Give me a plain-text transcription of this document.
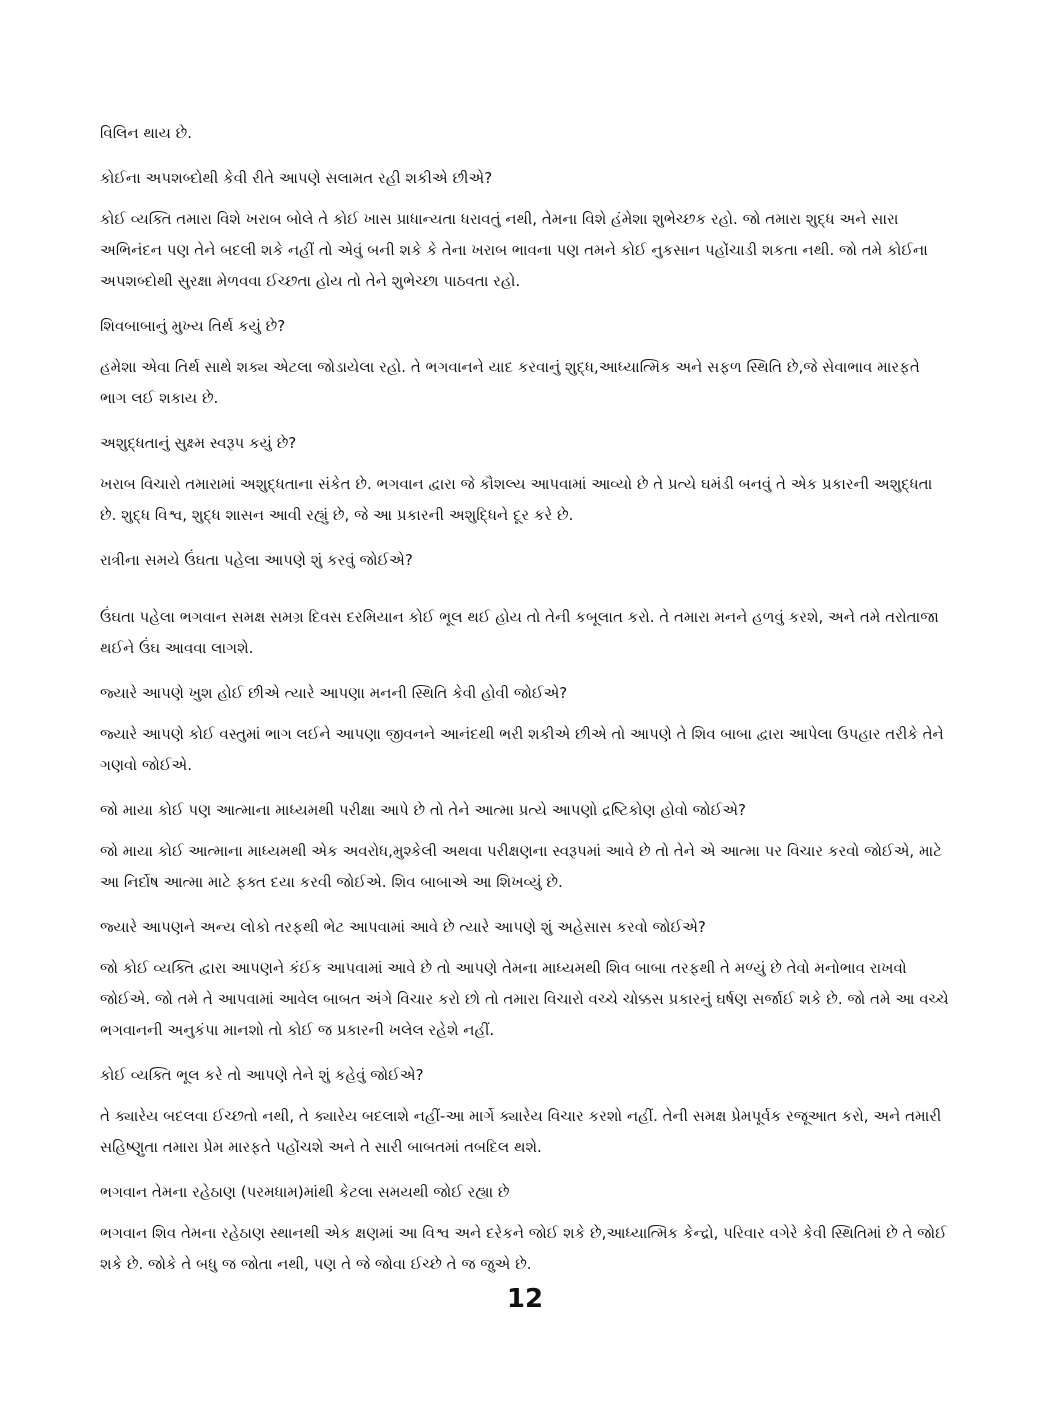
વિલિન થાય છે.

કોઈના અપશબ્દોથી કેવી રીતે આપણે સલામત રહી શકીએ છીએ?

કોઈ વ્યક્તિ તમારા વિશે ખરાબ બોલે તે કોઈ ખાસ પ્રાધાન્યતા ધરાવતું નથી, તેમના વિશે હંમેશા શુભેચ્છક રહો. જો તમારા શુદ્ધ અને સારા અભિનંદન પણ તેને બદલી શકે નહીં તો એવું બની શકે કે તેના ખરાબ ભાવના પણ તમને કોઈ નુકસાન પહોંચાડી શકતા નથી. જો તમે કોઈના અપશબ્દોથી સુરક્ષા મેળવવા ઈચ્છતા હોય તો તેને શુભેચ્છા પાઠવતા રહો.

શિવબાબાનું મુખ્ય તિર્થ કયું છે?

હમેશા એવા તિર્થ સાથે શક્ય એટલા જોડાયેલા રહો. તે ભગવાનને યાદ કરવાનું શુદ્ધ,આધ્યાત્મિક અને સફળ સ્થિતિ છે,જે સેવાભાવ મારફતે ભાગ લઈ શકાય છે.

અશુદ્ધતાનું સુક્ષ્મ સ્વરૂપ કયું છે?

ખરાબ વિચારો તમારામાં અશુદ્ધતાના સંકેત છે. ભગવાન દ્વારા જે કૌશલ્ય આપવામાં આવ્યો છે તે પ્રત્યે ઘમંડી બનવું તે એક પ્રકારની અશુદ્ધતા છે. શુદ્ધ વિશ્વ, શુદ્ધ શાસન આવી રહ્યું છે, જે આ પ્રકારની અશુદ્ધિને દૂર કરે છે.

રાત્રીના સમયે ઉંઘતા પહેલા આપણે શું કરવું જોઈએ?

ઉંઘતા પહેલા ભગવાન સમક્ષ સમગ્ર દિવસ દરમિયાન કોઈ ભૂલ થઈ હોય તો તેની કબૂલાત કરો. તે તમારા મનને હળવું કરશે, અને તમે તરોતાજા થઈને ઉંઘ આવવા લાગશે.

જ્યારે આપણે ખુશ હોઈ છીએ ત્યારે આપણા મનની સ્થિતિ કેવી હોવી જોઈએ?

જ્યારે આપણે કોઈ વસ્તુમાં ભાગ લઈને આપણા જીવનને આનંદથી ભરી શકીએ છીએ તો આપણે તે શિવ બાબા દ્વારા આપેલા ઉપહાર તરીકે તેને ગણવો જોઈએ.

જો માયા કોઈ પણ આત્માના માધ્યમથી પરીક્ષા આપે છે તો તેને આત્મા પ્રત્યે આપણો દ્રષ્ટિકોણ હોવો જોઈએ?

જો માયા કોઈ આત્માના માધ્યમથી એક અવરોધ,મુશ્કેલી અથવા પરીક્ષણના સ્વરૂપમાં આવે છે તો તેને એ આત્મા પર વિચાર કરવો જોઈએ, માટે આ નિર્દોષ આત્મા માટે ફક્ત દયા કરવી જોઈએ. શિવ બાબાએ આ શિખવ્યું છે.

જ્યારે આપણને અન્ય લોકો તરફથી ભેટ આપવામાં આવે છે ત્યારે આપણે શું અહેસાસ કરવો જોઈએ?

જો કોઈ વ્યક્તિ દ્વારા આપણને કંઈક આપવામાં આવે છે તો આપણે તેમના માધ્યમથી શિવ બાબા તરફથી તે મળ્યું છે તેવો મનોભાવ રાખવો જોઈએ. જો તમે તે આપવામાં આવેલ બાબત અંગે વિચાર કરો છો તો તમારા વિચારો વચ્ચે ચોક્કસ પ્રકારનું ઘર્ષણ સર્જાઈ શકે છે. જો તમે આ વચ્ચે ભગવાનની અનુકંપા માનશો તો કોઈ જ પ્રકારની ખલેલ રહેશે નહીં.

કોઈ વ્યક્તિ ભૂલ કરે તો આપણે તેને શું કહેવું જોઈએ?

તે ક્યારેય બદલવા ઈચ્છતો નથી, તે ક્યારેય બદલાશે નહીં-આ માર્ગે ક્યારેય વિચાર કરશો નહીં. તેની સમક્ષ પ્રેમપૂર્વક રજૂઆત કરો, અને તમારી સહિષ્ણુતા તમારા પ્રેમ મારફતે પહોંચશે અને તે સારી બાબતમાં તબદિલ થશે.

ભગવાન તેમના રહેઠાણ (પરમધામ)માંથી કેટલા સમયથી જોઈ રહ્યા છે

ભગવાન શિવ તેમના રહેઠાણ સ્થાનથી એક ક્ષણમાં આ વિશ્વ અને દરેકને જોઈ શકે છે,આધ્યાત્મિક કેન્દ્રો, પરિવાર વગેરે કેવી સ્થિતિમાં છે તે જોઈ શકે છે. જોકે તે બધુ જ જોતા નથી, પણ તે જે જોવા ઈચ્છે તે જ જુએ છે.

12
